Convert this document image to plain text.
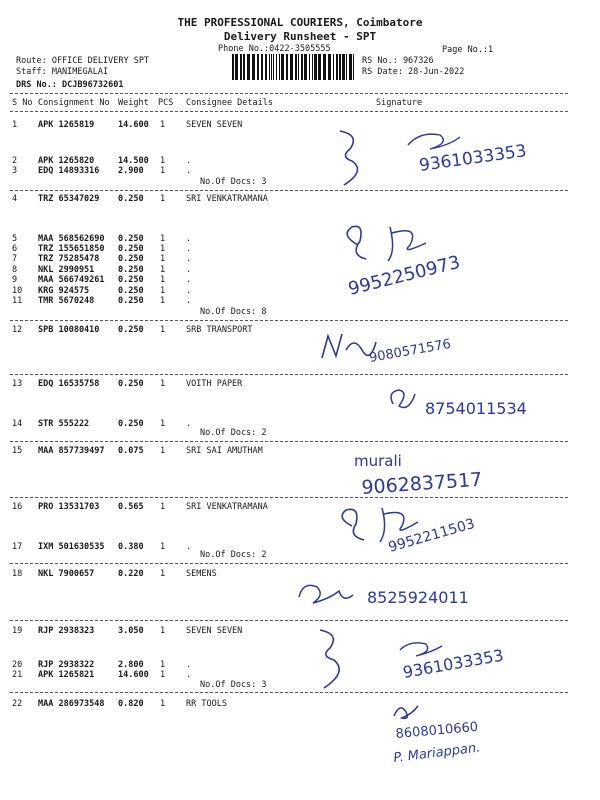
THE PROFESSIONAL COURIERS, Coimbatore
Delivery Runsheet - SPT
Phone No.:0422-3505555	Page No.:1
Route: OFFICE DELIVERY SPT
Staff: MANIMEGALAI
DRS No.: DCJB96732601
RS No.: 967326
RS Date: 28-Jun-2022
S No Consignment No Weight PCS Consignee Details	Signature
1 APK 1265819	14.600 1 SEVEN SEVEN
2 APK 1265820	14.500 1 .
3 EDQ 14893316 2.900 1 .
4 TRZ 65347029 0.250 1 SRI VENKATRAMANA
5 MAA 568562690 0.250 1 .
6 TRZ 155651850 0.250 1 .
7 TRZ 75285478 0.250 1 .
8 NKL 2990951	0.250 1 .
9 MAA 566749261 0.250 1 .
10 KRG 924575	0.250 1 .
11 TMR 5670248	0.250 1 .
12 SPB 10080410 0.250 1 SRB TRANSPORT
13 EDQ 16535758 0.250 1 VOITH PAPER
14 STR 555222	0.250 1 .
15 MAA 857739497 0.075 1 SRI SAI AMUTHAM
16 PRO 13531703 0.565 1 SRI VENKATRAMANA
17 IXM 501630535 0.380 1 .
18 NKL 7900657	0.220 1 SEMENS
19 RJP 2938323	3.050 1 SEVEN SEVEN
20 RJP 2938322	2.800 1 .
21 APK 1265821	14.600 1 .
22 MAA 286973548 0.820 1 RR TOOLS
No.Of Docs: 3
No.Of Docs: 8
No.Of Docs: 2
No.Of Docs: 2
No.Of Docs: 3
9361033353
9952250973
9080571576
8754011534
murali
9062837517
9952211503
8525924011
9361033353
8608010660
P. Mariappan.
